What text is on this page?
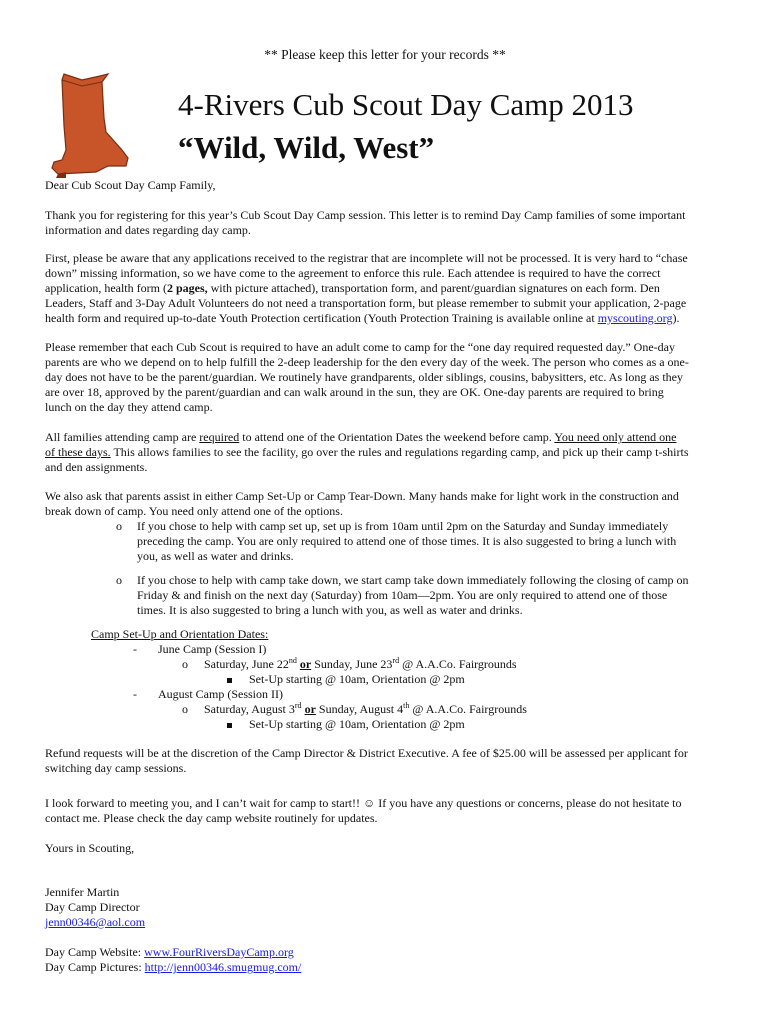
** Please keep this letter for your records **
4-Rivers Cub Scout Day Camp 2013
“Wild, Wild, West”

Dear Cub Scout Day Camp Family,

Thank you for registering for this year’s Cub Scout Day Camp session. This letter is to remind Day Camp families of some important

information and dates regarding day camp.

First, please be aware that any applications received to the registrar that are incomplete will not be processed. It is very hard to “chase

down” missing information, so we have come to the agreement to enforce this rule. Each attendee is required to have the correct

application, health form (2 pages, with picture attached), transportation form, and parent/guardian signatures on each form. Den

Leaders, Staff and 3-Day Adult Volunteers do not need a transportation form, but please remember to submit your application, 2-page

health form and required up-to-date Youth Protection certification (Youth Protection Training is available online at myscouting.org).

Please remember that each Cub Scout is required to have an adult come to camp for the “one day required requested day.” One-day

parents are who we depend on to help fulfill the 2-deep leadership for the den every day of the week. The person who comes as a one-

day does not have to be the parent/guardian. We routinely have grandparents, older siblings, cousins, babysitters, etc. As long as they

are over 18, approved by the parent/guardian and can walk around in the sun, they are OK. One-day parents are required to bring

lunch on the day they attend camp.

All families attending camp are required to attend one of the Orientation Dates the weekend before camp. You need only attend one

of these days. This allows families to see the facility, go over the rules and regulations regarding camp, and pick up their camp t-shirts

and den assignments.

We also ask that parents assist in either Camp Set-Up or Camp Tear-Down. Many hands make for light work in the construction and

break down of camp. You need only attend one of the options.

o If you chose to help with camp set up, set up is from 10am until 2pm on the Saturday and Sunday immediately

preceding the camp. You are only required to attend one of those times. It is also suggested to bring a lunch with

you, as well as water and drinks.

o If you chose to help with camp take down, we start camp take down immediately following the closing of camp on

Friday & and finish on the next day (Saturday) from 10am—2pm. You are only required to attend one of those

times. It is also suggested to bring a lunch with you, as well as water and drinks.

Camp Set-Up and Orientation Dates:

- June Camp (Session I)

o Saturday, June 22nd or Sunday, June 23rd @ A.A.Co. Fairgrounds

Set-Up starting @ 10am, Orientation @ 2pm

- August Camp (Session II)

o Saturday, August 3rd or Sunday, August 4th @ A.A.Co. Fairgrounds

Set-Up starting @ 10am, Orientation @ 2pm

Refund requests will be at the discretion of the Camp Director & District Executive. A fee of $25.00 will be assessed per applicant for

switching day camp sessions.

I look forward to meeting you, and I can’t wait for camp to start!! ☺ If you have any questions or concerns, please do not hesitate to

contact me. Please check the day camp website routinely for updates.

Yours in Scouting,

Jennifer Martin

Day Camp Director

jenn00346@aol.com

Day Camp Website: www.FourRiversDayCamp.org

Day Camp Pictures: http://jenn00346.smugmug.com/
